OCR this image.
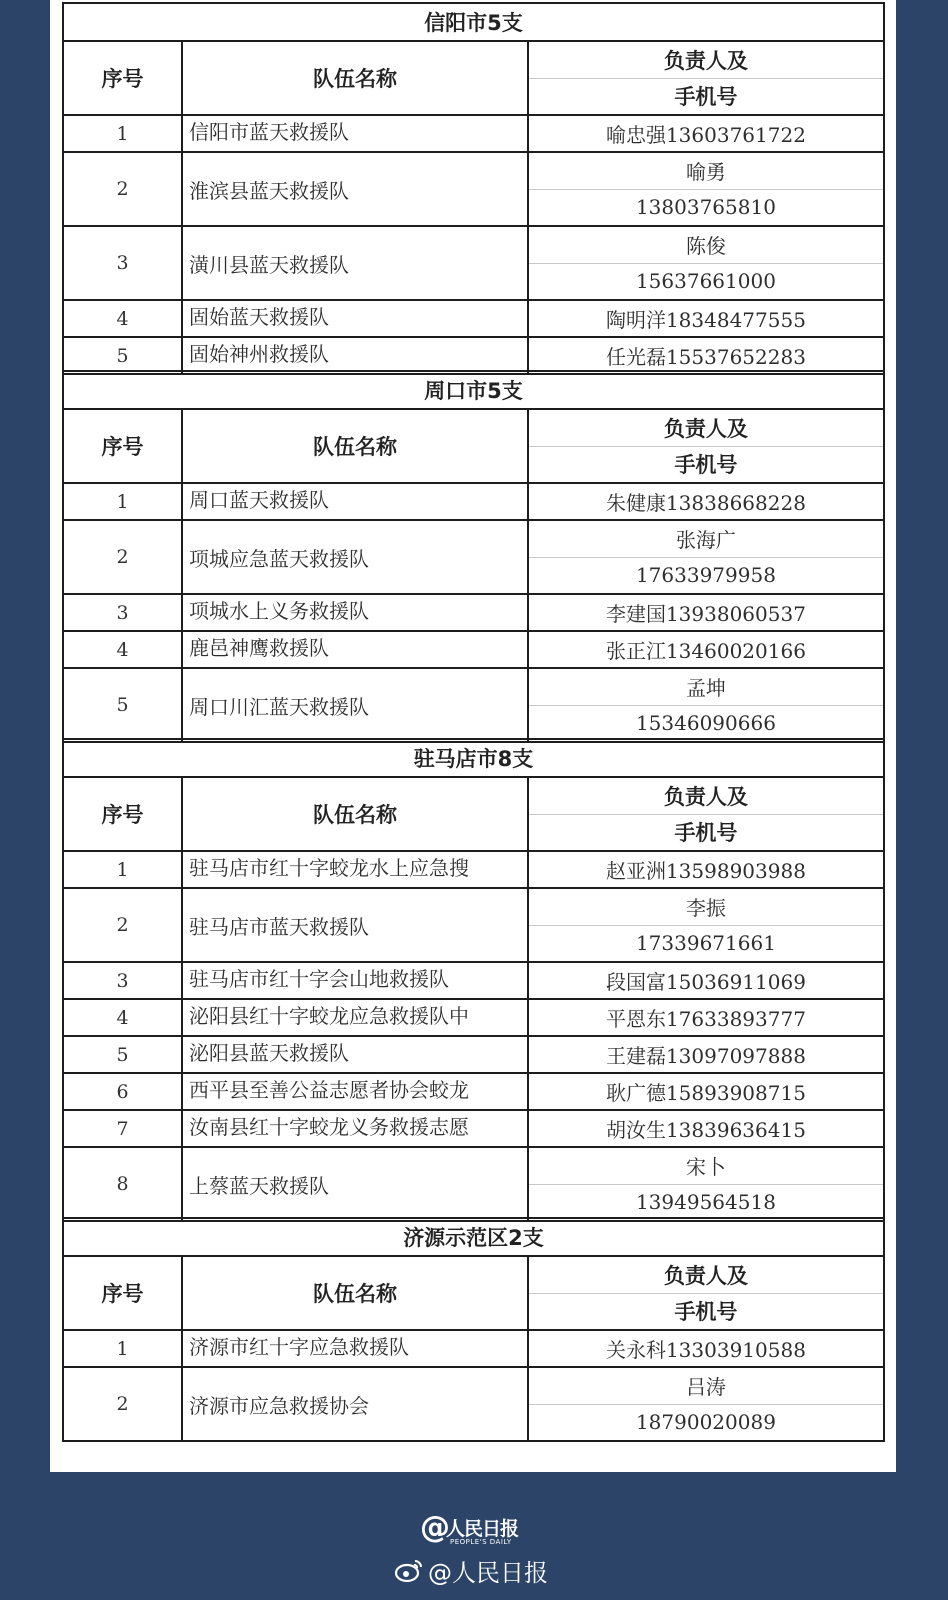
信阳市5支		
序号	队伍名称	负责人及
手机号

1	信阳市蓝天救援队	喻忠强13603761722
2	淮滨县蓝天救援队	喻勇
13803765810

3	潢川县蓝天救援队	陈俊
15637661000

4	固始蓝天救援队	陶明洋18348477555
5	固始神州救援队	任光磊15537652283
周口市5支		
序号	队伍名称	负责人及
手机号

1	周口蓝天救援队	朱健康13838668228
2	项城应急蓝天救援队	张海广
17633979958

3	项城水上义务救援队	李建国13938060537
4	鹿邑神鹰救援队	张正江13460020166
5	周口川汇蓝天救援队	孟坤
15346090666
驻马店市8支		
序号	队伍名称	负责人及
手机号

1	驻马店市红十字蛟龙水上应急搜	赵亚洲13598903988
2	驻马店市蓝天救援队	李振
17339671661

3	驻马店市红十字会山地救援队	段国富15036911069
4	泌阳县红十字蛟龙应急救援队中	平恩东17633893777
5	泌阳县蓝天救援队	王建磊13097097888
6	西平县至善公益志愿者协会蛟龙	耿广德15893908715
7	汝南县红十字蛟龙义务救援志愿	胡汝生13839636415
8	上蔡蓝天救援队	宋卜
13949564518
济源示范区2支		
序号	队伍名称	负责人及
手机号

1	济源市红十字应急救援队	关永科13303910588
2	济源市应急救援协会	吕涛
18790020089
@
人民日报
PEOPLE'S DAILY
@人民日报
